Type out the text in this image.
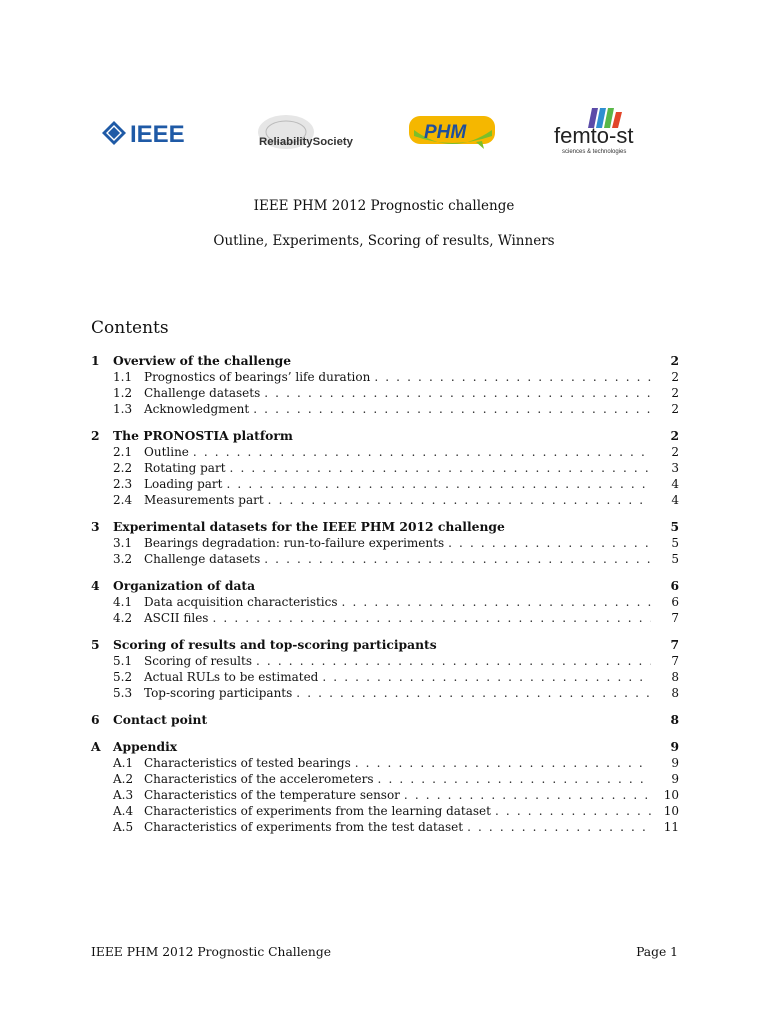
IEEE	ReliabilitySociety	PHM	femto-st
sciences & technologies
IEEE PHM 2012 Prognostic challenge
Outline, Experiments, Scoring of results, Winners
Contents
1	Overview of the challenge	2
1.1 Prognostics of bearings’ life duration . . .	2
1.2 Challenge datasets . . .	2
1.3 Acknowledgment . . .	2
2	The PRONOSTIA platform	2
2.1 Outline . . .	2
2.2 Rotating part . . .	3
2.3 Loading part . . .	4
2.4 Measurements part . . .	4
3	Experimental datasets for the IEEE PHM 2012 challenge	5
3.1 Bearings degradation: run-to-failure experiments . . .	5
3.2 Challenge datasets . . .	5
4	Organization of data	6
4.1 Data acquisition characteristics . . .	6
4.2 ASCII files . . .	7
5	Scoring of results and top-scoring participants	7
5.1 Scoring of results . . .	7
5.2 Actual RULs to be estimated . . .	8
5.3 Top-scoring participants . . .	8
6	Contact point	8
A	Appendix	9
A.1 Characteristics of tested bearings . . .	9
A.2 Characteristics of the accelerometers . . .	9
A.3 Characteristics of the temperature sensor . . .	10
A.4 Characteristics of experiments from the learning dataset . . .	10
A.5 Characteristics of experiments from the test dataset . . .	11
IEEE PHM 2012 Prognostic Challenge	Page 1
